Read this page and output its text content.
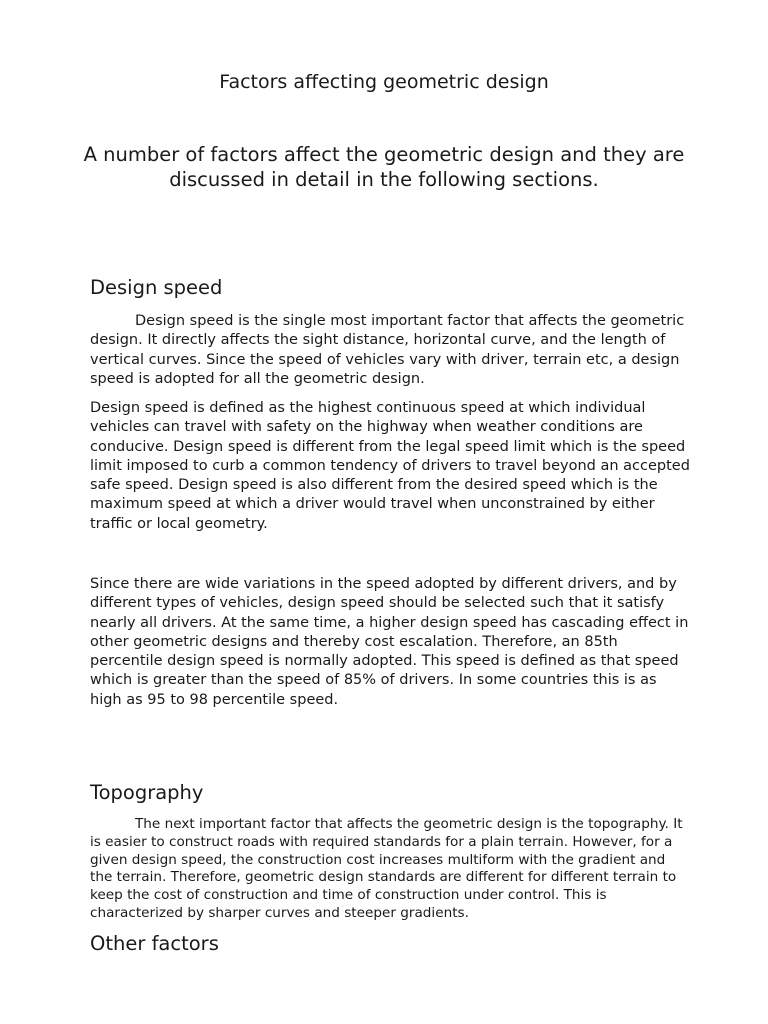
Factors affecting geometric design

A number of factors affect the geometric design and they are discussed in detail in the following sections.

Design speed

Design speed is the single most important factor that affects the geometric design. It directly affects the sight distance, horizontal curve, and the length of vertical curves. Since the speed of vehicles vary with driver, terrain etc, a design speed is adopted for all the geometric design.

Design speed is defined as the highest continuous speed at which individual vehicles can travel with safety on the highway when weather conditions are conducive. Design speed is different from the legal speed limit which is the speed limit imposed to curb a common tendency of drivers to travel beyond an accepted safe speed. Design speed is also different from the desired speed which is the maximum speed at which a driver would travel when unconstrained by either traffic or local geometry.

Since there are wide variations in the speed adopted by different drivers, and by different types of vehicles, design speed should be selected such that it satisfy nearly all drivers. At the same time, a higher design speed has cascading effect in other geometric designs and thereby cost escalation. Therefore, an 85th percentile design speed is normally adopted. This speed is defined as that speed which is greater than the speed of 85% of drivers. In some countries this is as high as 95 to 98 percentile speed.

Topography

The next important factor that affects the geometric design is the topography. It is easier to construct roads with required standards for a plain terrain. However, for a given design speed, the construction cost increases multiform with the gradient and the terrain. Therefore, geometric design standards are different for different terrain to keep the cost of construction and time of construction under control. This is characterized by sharper curves and steeper gradients.

Other factors
